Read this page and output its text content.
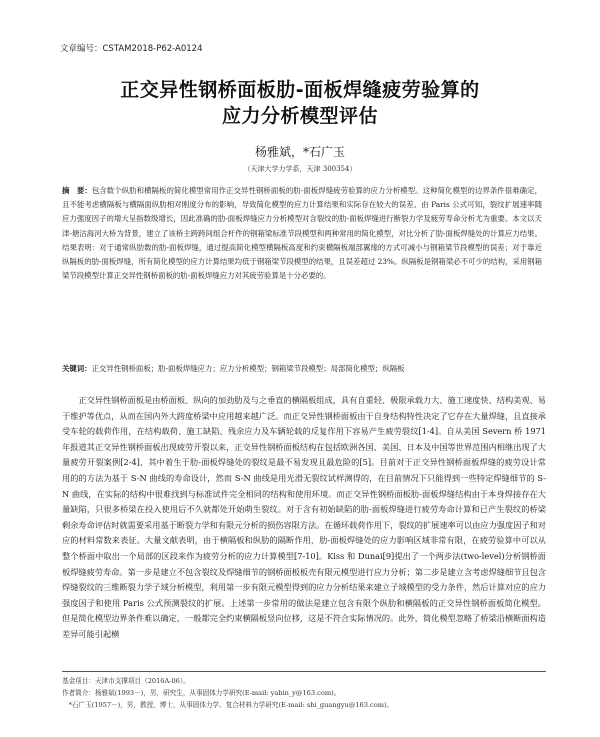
文章编号：CSTAM2018-P62-A0124
正交异性钢桥面板肋-面板焊缝疲劳验算的
应力分析模型评估
杨雅斌，*石广玉
（天津大学力学系，天津 300354）
摘　要：包含数个纵肋和横隔板的简化模型常用作正交异性钢桥面板的肋-面板焊缝疲劳验算的应力分析模型。这种简化模型的边界条件很难确定，且不能考虑横隔板与横隔面纵肋相对刚度分布的影响，导致简化模型的应力计算结果和实际存在较大的误差。由 Paris 公式可知，裂纹扩展速率随应力强度因子的增大呈指数级增长，因此准确的肋-面板焊缝应力分析模型对含裂纹的肋-面板焊缝进行断裂力学及疲劳寿命分析尤为重要。本文以天津-塘沽海河大桥为背景，建立了该桥主跨跨间组合杆件的钢箱梁标准节段模型和两种常用的简化模型，对比分析了肋-面板焊缝处的计算应力结果。结果表明：对于通常纵肋数的肋-面板焊缝，通过提高简化模型横隔板高度和约束横隔板端部翼缘的方式可减小与钢箱梁节段模型的误差；对于靠近纵隔板的肋-面板焊缝，所有简化模型的应力计算结果均低于钢箱梁节段模型的结果，且误差超过 23%。纵隔板是钢箱梁必不可少的结构，采用钢箱梁节段模型计算正交异性钢桥面板的肋-面板焊缝应力对其疲劳验算是十分必要的。
关键词：正交异性钢桥面板；肋-面板焊缝应力；应力分析模型；钢箱梁节段模型；局部简化模型；纵隔板
正交异性钢桥面板是由桥面板、纵向的加劲肋及与之垂直的横隔板组成，具有自重轻、极限承载力大、施工速度快、结构美观、易于维护等优点，从而在国内外大跨度桥梁中应用越来越广泛。而正交异性钢桥面板由于自身结构特性决定了它存在大量焊缝，且直接承受车轮的载荷作用，在结构载荷、施工缺陷、残余应力及车辆轮载的反复作用下容易产生疲劳裂纹[1-4]。自从美国 Severn 桥 1971 年报道其正交异性钢桥面板出现疲劳开裂以来，正交异性钢桥面板结构在包括欧洲各国、美国、日本及中国等世界范围内相继出现了大量疲劳开裂案例[2-4]，其中着生于肋-面板焊缝处的裂纹是最不易发现且最危险的[5]。目前对于正交异性钢桥面板焊缝的疲劳设计常用的的方法为基于 S-N 曲线的寿命设计，然而 S-N 曲线是用光滑无裂纹试样测得的，在目前情况下只能得到一些特定焊缝细节的 S-N 曲线，在实际的结构中很难找到与标准试件完全相同的结构和使用环境。而正交异性钢桥面板肋-面板焊缝结构由于本身焊接存在大量缺陷，只很多桥梁在投入使用后不久就都处开始萌生裂纹。对于含有初始缺陷的肋-面板焊缝进行疲劳寿命计算和已产生裂纹的桥梁剩余寿命评估时就需要采用基于断裂力学和有限元分析的损伤容限方法。在循环载荷作用下，裂纹的扩展速率可以由应力强度因子和对应的材料常数来表征。大量文献表明，由于横隔板和纵肋的隔断作用，肋-面板焊缝处的应力影响区域非常有限，在疲劳验算中可以从整个桥面中取出一个局部的区段来作为疲劳分析的应力计算模型[7-10]。Kiss 和 Dunai[9]提出了一个两步法(two-level)分析钢桥面板焊缝疲劳寿命。第一步是建立不包含裂纹及焊缝细节的钢桥面板板壳有限元模型进行应力分析；第二步是建立含考虑焊缝细节且包含焊缝裂纹的三维断裂力学子域分析模型，利用第一步有限元模型得到的应力分析结果来建立子域模型的受力条件，然后计算对应的应力强度因子和使用 Paris 公式预测裂纹的扩展。上述第一步常用的做法是建立包含有限个纵肋和横隔板的正交异性钢桥面板简化模型。但是简化模型边界条件难以确定，一般都完全约束横隔板竖向位移，这是不符合实际情况的。此外，简化模型忽略了桥梁沿横断面构造差异可能引起横
基金项目：天津市支撑项目（2016A-06）。
作者简介：杨雅斌(1993－)，男，研究生，从事固体力学研究(E-mail: yabin_y@163.com)。
　*石广玉(1957－)，男，教授，博士，从事固体力学、复合材料力学研究(E-mail: shi_guangyu@163.com)。
